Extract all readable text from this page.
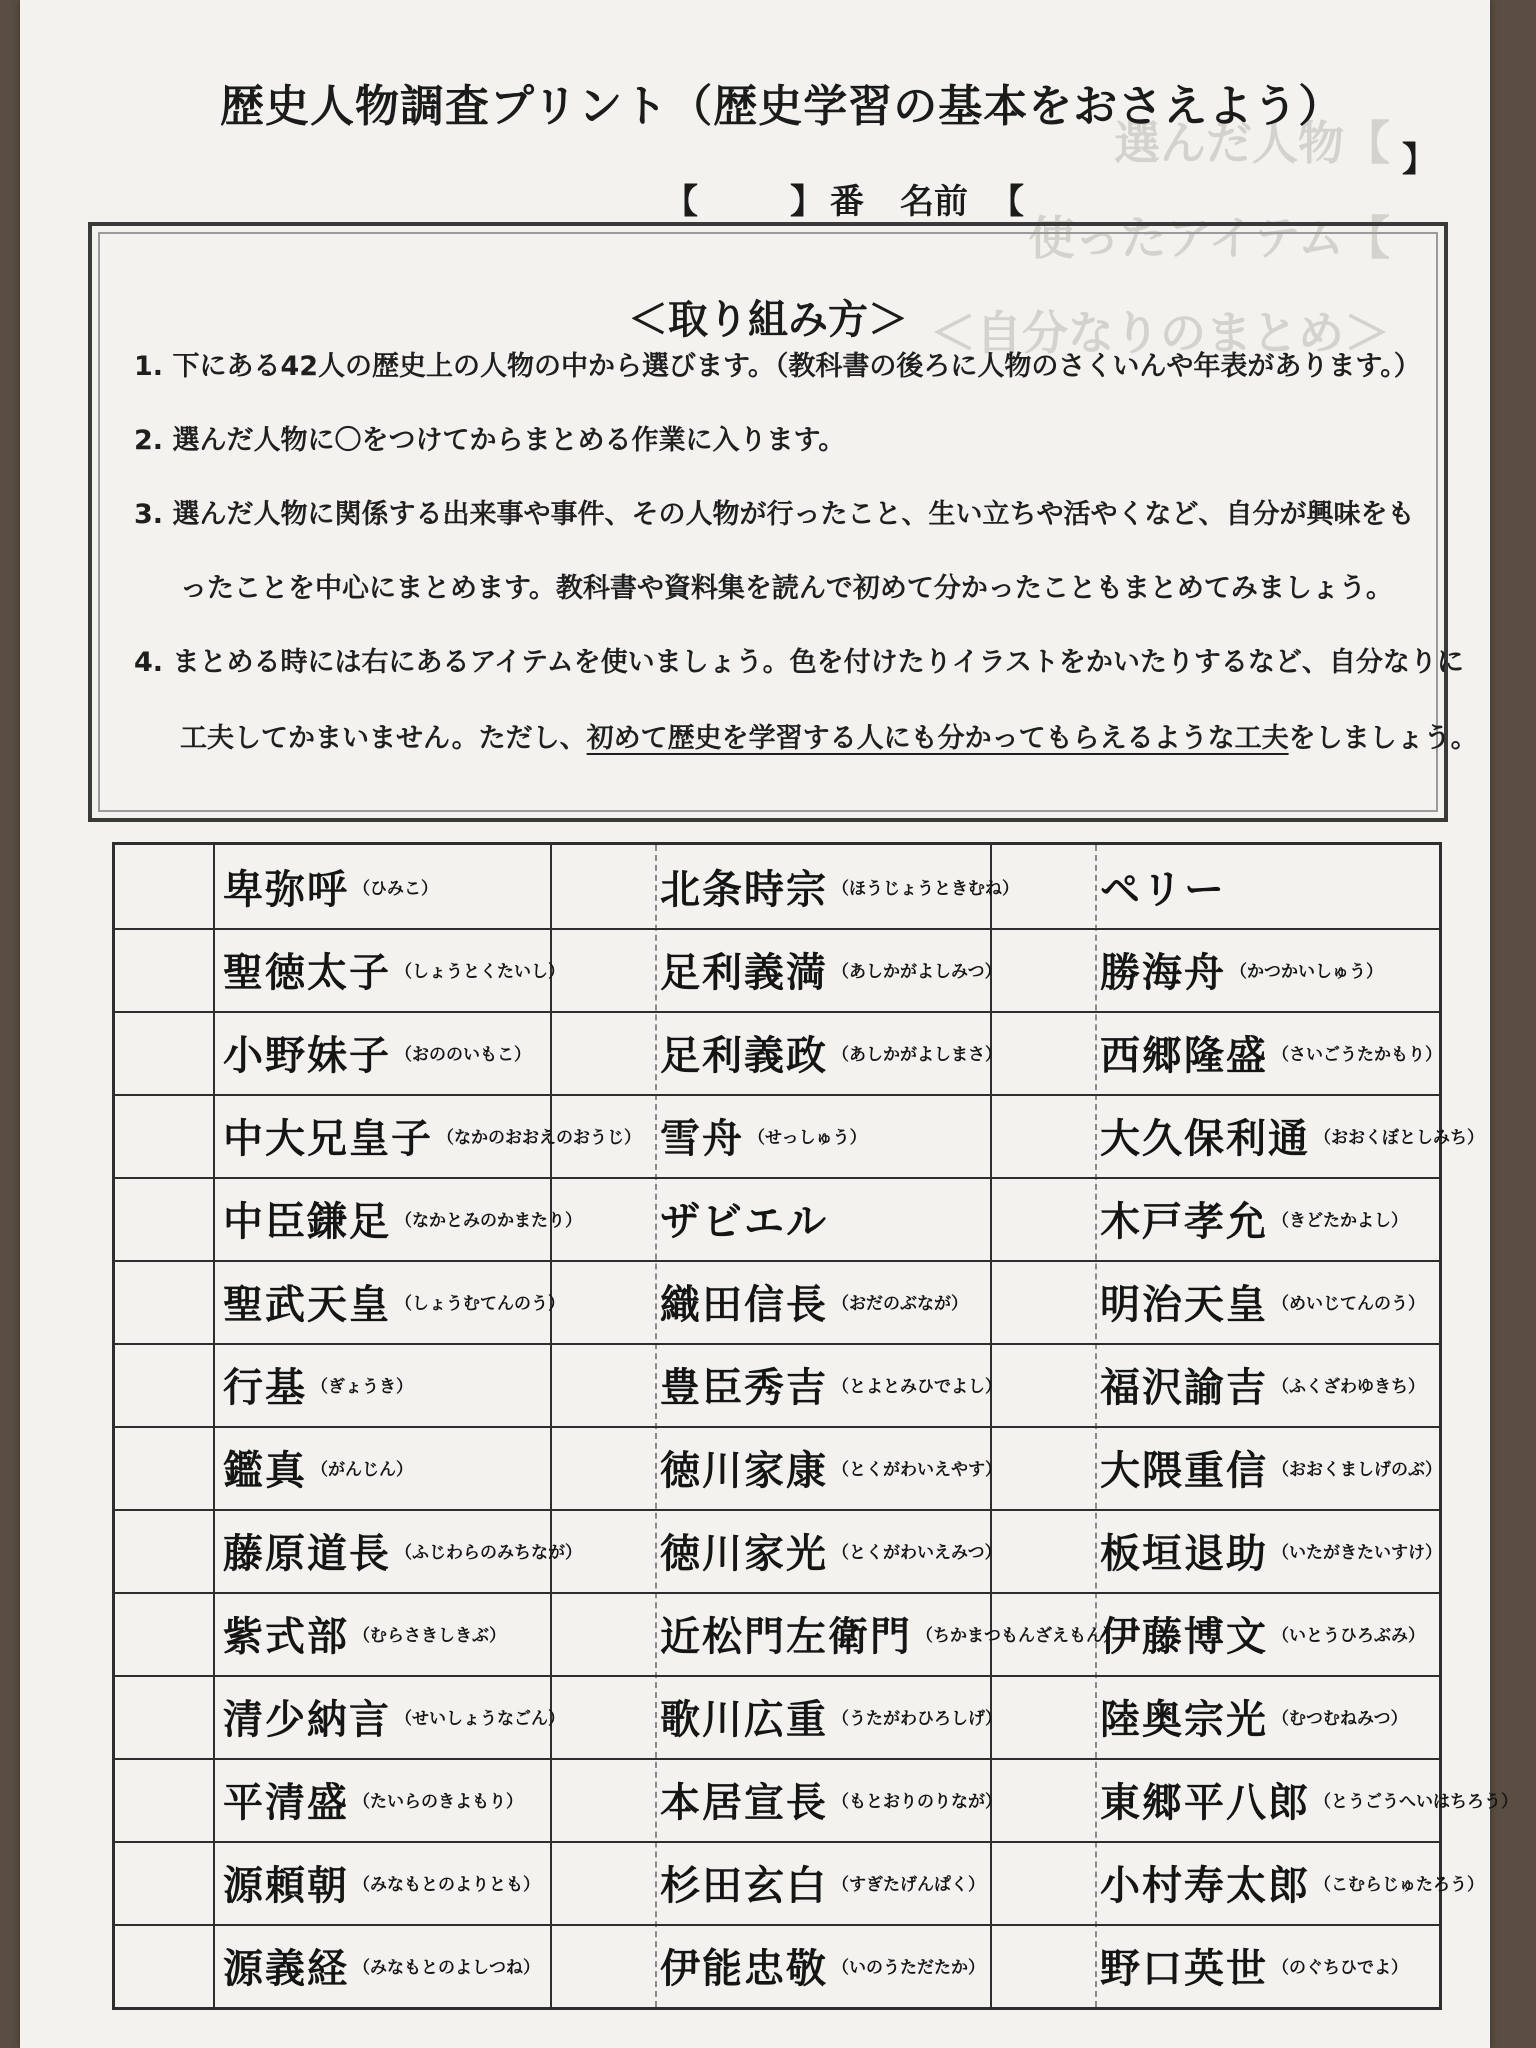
選んだ人物【
使ったアイテム【
＜自分なりのまとめ＞
歴史人物調査プリント（歴史学習の基本をおさえよう）
【	】 番 名前 【
】
＜取り組み方＞
1. 下にある42人の歴史上の人物の中から選びます。（教科書の後ろに人物のさくいんや年表があります。）
2. 選んだ人物に〇をつけてからまとめる作業に入ります。
3. 選んだ人物に関係する出来事や事件、その人物が行ったこと、生い立ちや活やくなど、自分が興味をも
ったことを中心にまとめます。教科書や資料集を読んで初めて分かったこともまとめてみましょう。
4. まとめる時には右にあるアイテムを使いましょう。色を付けたりイラストをかいたりするなど、自分なりに
工夫してかまいません。ただし、初めて歴史を学習する人にも分かってもらえるような工夫をしましょう。
卑弥呼 （ひみこ）
聖徳太子 （しょうとくたいし）
小野妹子 （おののいもこ）
中大兄皇子 （なかのおおえのおうじ）
中臣鎌足 （なかとみのかまたり）
聖武天皇 （しょうむてんのう）
行基 （ぎょうき）
鑑真 （がんじん）
藤原道長 （ふじわらのみちなが）
紫式部 （むらさきしきぶ）
清少納言 （せいしょうなごん）
平清盛 （たいらのきよもり）
源頼朝 （みなもとのよりとも）
源義経 （みなもとのよしつね）
北条時宗 （ほうじょうときむね）
足利義満 （あしかがよしみつ）
足利義政 （あしかがよしまさ）
雪舟 （せっしゅう）
ザビエル
織田信長 （おだのぶなが）
豊臣秀吉 （とよとみひでよし）
徳川家康 （とくがわいえやす）
徳川家光 （とくがわいえみつ）
近松門左衛門 （ちかまつもんざえもん）
歌川広重 （うたがわひろしげ）
本居宣長 （もとおりのりなが）
杉田玄白 （すぎたげんぱく）
伊能忠敬 （いのうただたか）
ペリー
勝海舟 （かつかいしゅう）
西郷隆盛 （さいごうたかもり）
大久保利通 （おおくぼとしみち）
木戸孝允 （きどたかよし）
明治天皇 （めいじてんのう）
福沢諭吉 （ふくざわゆきち）
大隈重信 （おおくましげのぶ）
板垣退助 （いたがきたいすけ）
伊藤博文 （いとうひろぶみ）
陸奥宗光 （むつむねみつ）
東郷平八郎 （とうごうへいはちろう）
小村寿太郎 （こむらじゅたろう）
野口英世 （のぐちひでよ）
